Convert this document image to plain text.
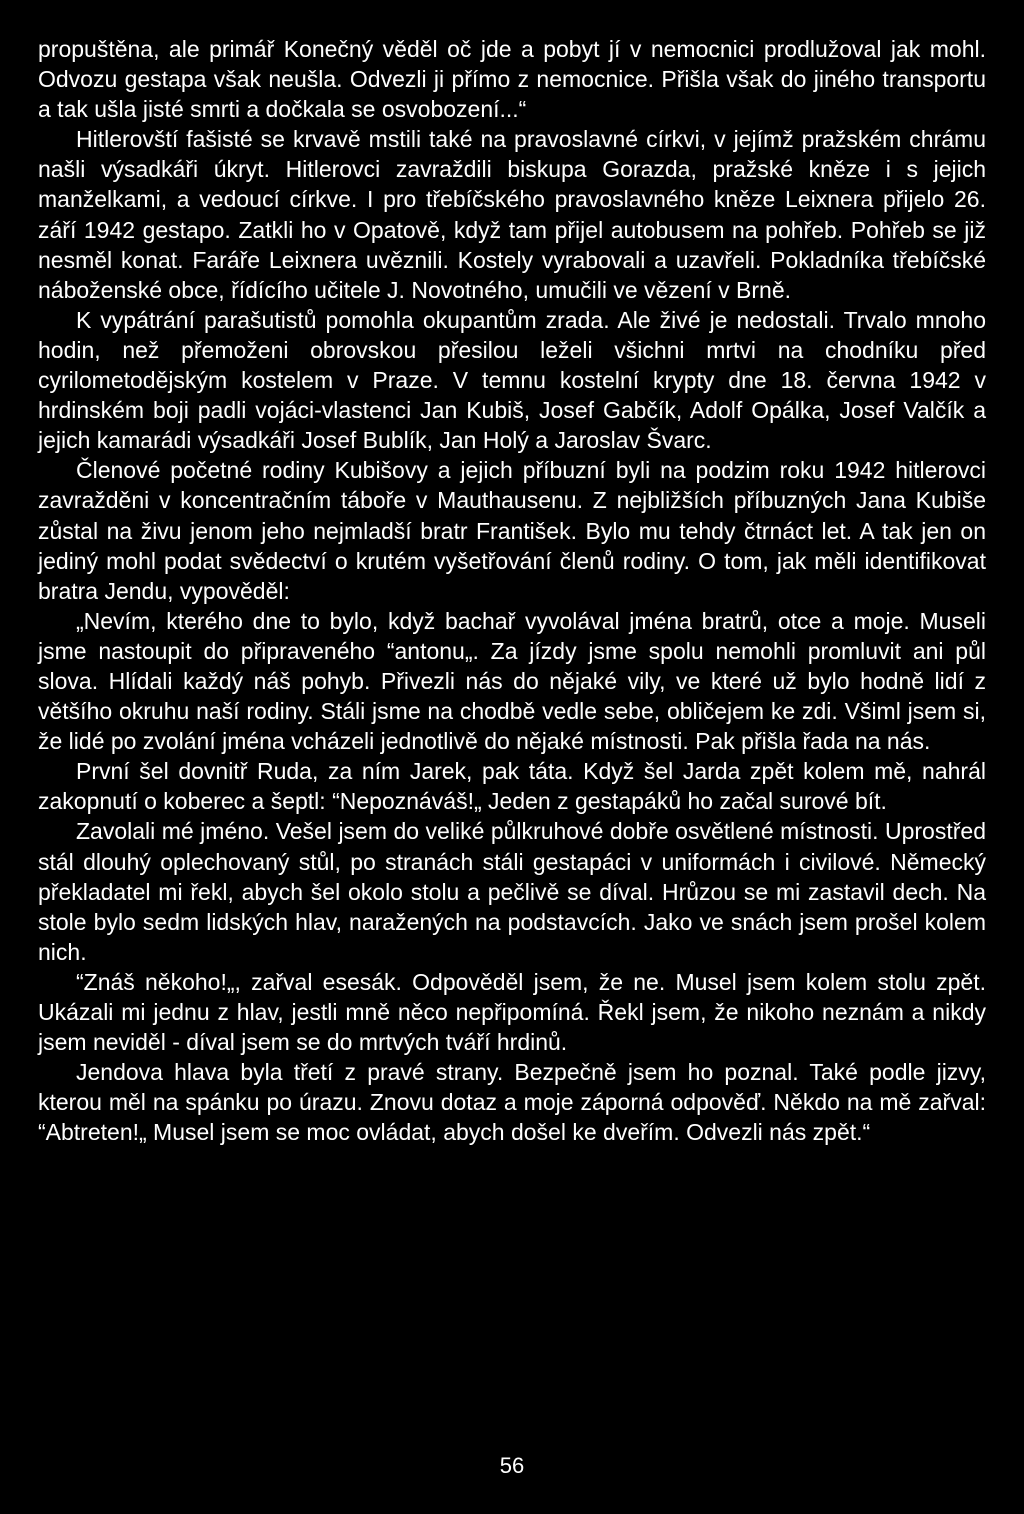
propuštěna, ale primář Konečný věděl oč jde a pobyt jí v nemocnici prodlužoval jak mohl. Odvozu gestapa však neušla. Odvezli ji přímo z nemocnice. Přišla však do jiného transportu a tak ušla jisté smrti a dočkala se osvobození...“

Hitlerovští fašisté se krvavě mstili také na pravoslavné církvi, v jejímž pražském chrámu našli výsadkáři úkryt. Hitlerovci zavraždili biskupa Gorazda, pražské kněze i s jejich manželkami, a vedoucí církve. I pro třebíčského pravoslavného kněze Leixnera přijelo 26. září 1942 gestapo. Zatkli ho v Opatově, když tam přijel autobusem na pohřeb. Pohřeb se již nesměl konat. Faráře Leixnera uvěznili. Kostely vyrabovali a uzavřeli. Pokladníka třebíčské náboženské obce, řídícího učitele J. Novotného, umučili ve vězení v Brně.

K vypátrání parašutistů pomohla okupantům zrada. Ale živé je nedostali. Trvalo mnoho hodin, než přemoženi obrovskou přesilou leželi všichni mrtvi na chodníku před cyrilometodějským kostelem v Praze. V temnu kostelní krypty dne 18. června 1942 v hrdinském boji padli vojáci-vlastenci Jan Kubiš, Josef Gabčík, Adolf Opálka, Josef Valčík a jejich kamarádi výsadkáři Josef Bublík, Jan Holý a Jaroslav Švarc.

Členové početné rodiny Kubišovy a jejich příbuzní byli na podzim roku 1942 hitlerovci zavražděni v koncentračním táboře v Mauthausenu. Z nejbližších příbuzných Jana Kubiše zůstal na živu jenom jeho nejmladší bratr František. Bylo mu tehdy čtrnáct let. A tak jen on jediný mohl podat svědectví o krutém vyšetřování členů rodiny. O tom, jak měli identifikovat bratra Jendu, vypověděl:

„Nevím, kterého dne to bylo, když bachař vyvolával jména bratrů, otce a moje. Museli jsme nastoupit do připraveného “antonu„. Za jízdy jsme spolu nemohli promluvit ani půl slova. Hlídali každý náš pohyb. Přivezli nás do nějaké vily, ve které už bylo hodně lidí z většího okruhu naší rodiny. Stáli jsme na chodbě vedle sebe, obličejem ke zdi. Všiml jsem si, že lidé po zvolání jména vcházeli jednotlivě do nějaké místnosti. Pak přišla řada na nás.

První šel dovnitř Ruda, za ním Jarek, pak táta. Když šel Jarda zpět kolem mě, nahrál zakopnutí o koberec a šeptl: “Nepoznáváš!„ Jeden z gestapáků ho začal surové bít.

Zavolali mé jméno. Vešel jsem do veliké půlkruhové dobře osvětlené místnosti. Uprostřed stál dlouhý oplechovaný stůl, po stranách stáli gestapáci v uniformách i civilové. Německý překladatel mi řekl, abych šel okolo stolu a pečlivě se díval. Hrůzou se mi zastavil dech. Na stole bylo sedm lidských hlav, naražených na podstavcích. Jako ve snách jsem prošel kolem nich.

“Znáš někoho!„, zařval esesák. Odpověděl jsem, že ne. Musel jsem kolem stolu zpět. Ukázali mi jednu z hlav, jestli mně něco nepřipomíná. Řekl jsem, že nikoho neznám a nikdy jsem neviděl - díval jsem se do mrtvých tváří hrdinů.

Jendova hlava byla třetí z pravé strany. Bezpečně jsem ho poznal. Také podle jizvy, kterou měl na spánku po úrazu. Znovu dotaz a moje záporná odpověď. Někdo na mě zařval: “Abtreten!„ Musel jsem se moc ovládat, abych došel ke dveřím. Odvezli nás zpět.“

56
